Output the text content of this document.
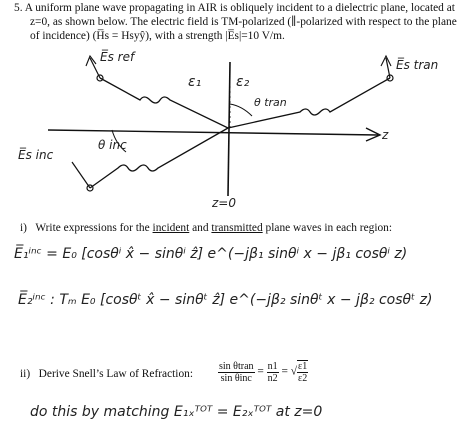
5. A uniform plane wave propagating in AIR is obliquely incident to a dielectric plane, located at
z=0, as shown below. The electric field is TM-polarized (∥-polarized with respect to the plane
of incidence) (H̅s = Hsyŷ), with a strength |E̅s|=10 V/m.
E̅s ref
E̅s tran
E̅s inc
ε₁ ε₂
θ inc
θ tran
z
z=0
i) Write expressions for the incident and transmitted plane waves in each region:
E̅₁ⁱⁿᶜ = E₀ [cosθⁱ x̂ − sinθⁱ ẑ] e^(−jβ₁ sinθⁱ x − jβ₁ cosθⁱ z)
E̅₂ⁱⁿᶜ : Tₘ E₀ [cosθᵗ x̂ − sinθᵗ ẑ] e^(−jβ₂ sinθᵗ x − jβ₂ cosθᵗ z)
ii) Derive Snell’s Law of Refraction: $\frac{\text{sin θtran}}{\text{sin θinc}} = \frac{n1}{n2}$ = √ $\frac{\varepsilon 1}{\varepsilon 2}$
do this by matching E₁ₓᵀᴼᵀ = E₂ₓᵀᴼᵀ at z=0
